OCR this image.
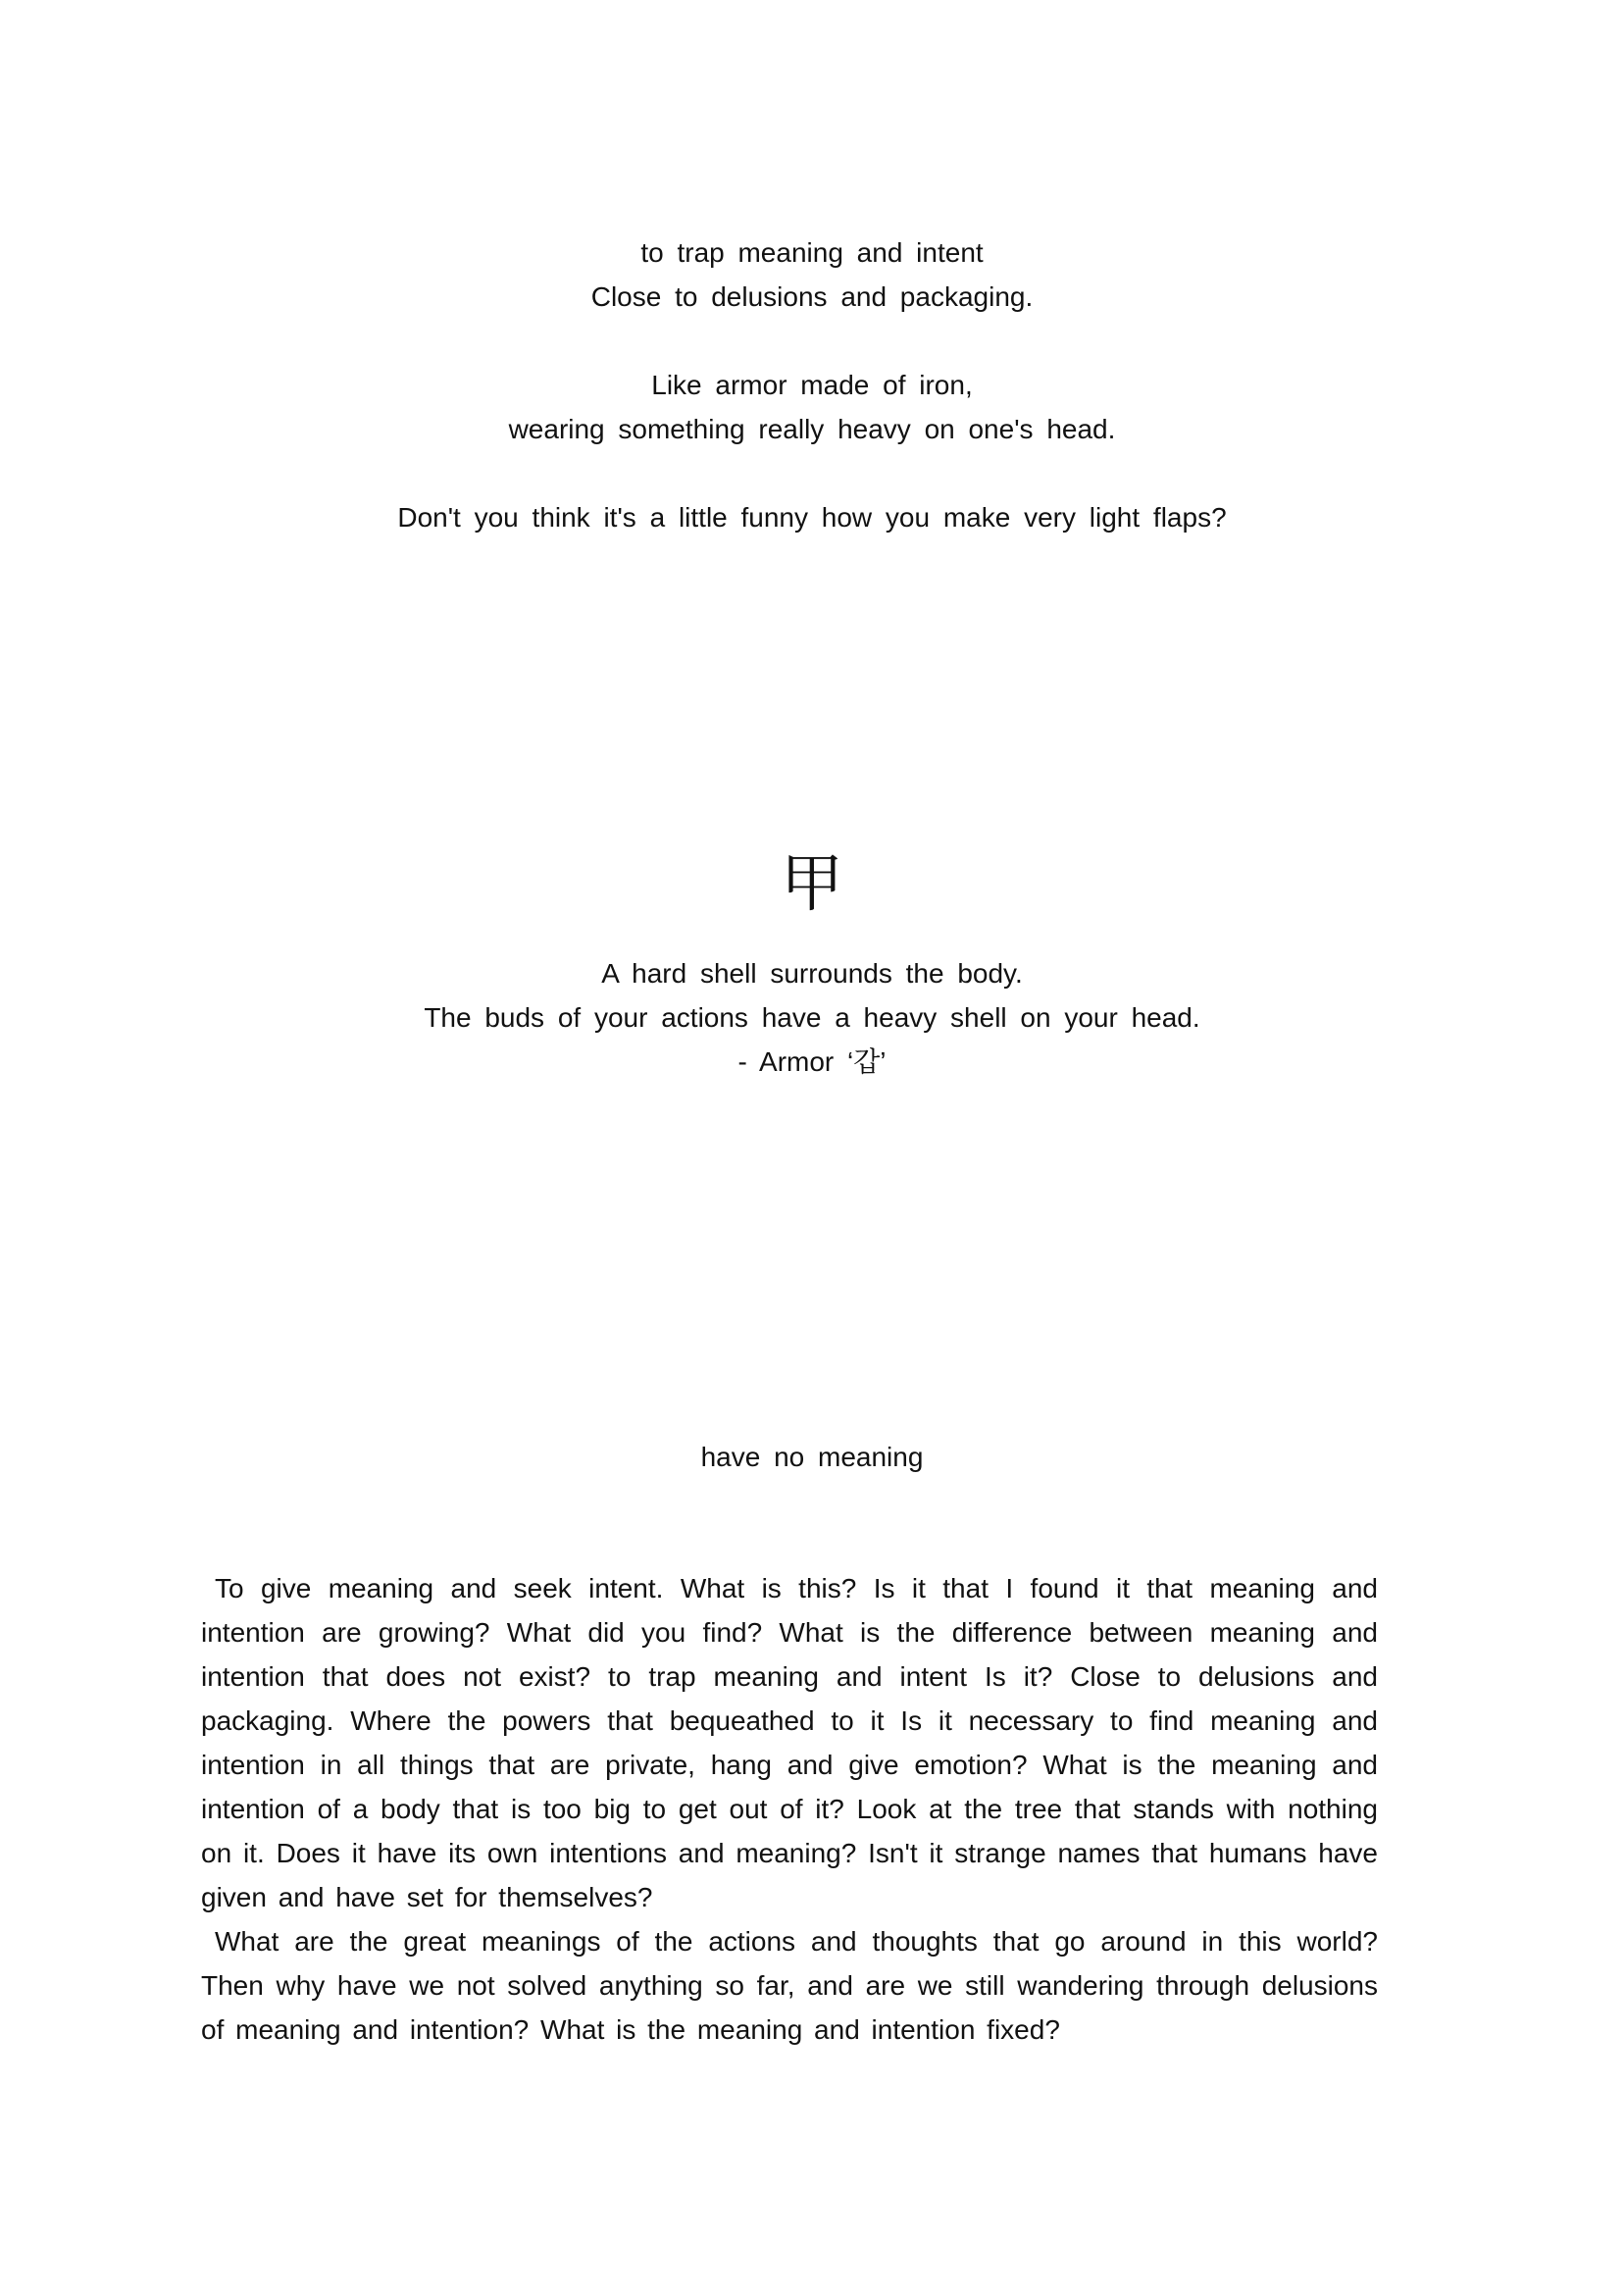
to trap meaning and intent
Close to delusions and packaging.
Like armor made of iron,
wearing something really heavy on one's head.
Don't you think it's a little funny how you make very light flaps?
甲
A hard shell surrounds the body.
The buds of your actions have a heavy shell on your head.
- Armor ‘갑’
have no meaning

To give meaning and seek intent. What is this? Is it that I found it that meaning and intention are growing? What did you find? What is the difference between meaning and intention that does not exist? to trap meaning and intent Is it? Close to delusions and packaging. Where the powers that bequeathed to it Is it necessary to find meaning and intention in all things that are private, hang and give emotion? What is the meaning and intention of a body that is too big to get out of it? Look at the tree that stands with nothing on it. Does it have its own intentions and meaning? Isn't it strange names that humans have given and have set for themselves?

What are the great meanings of the actions and thoughts that go around in this world? Then why have we not solved anything so far, and are we still wandering through delusions of meaning and intention? What is the meaning and intention fixed?
